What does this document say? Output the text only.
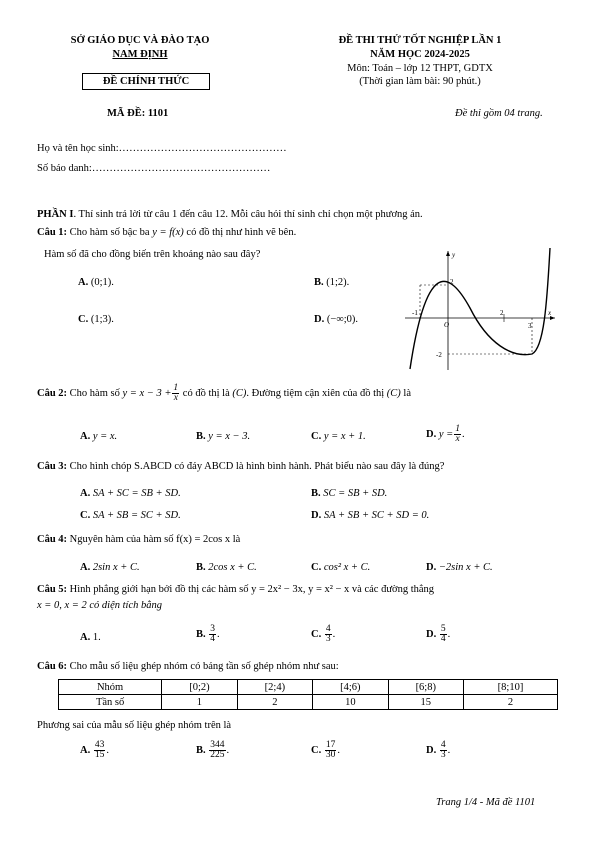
SỞ GIÁO DỤC VÀ ĐÀO TẠO
NAM ĐỊNH
ĐỀ CHÍNH THỨC
MÃ ĐỀ: 1101
ĐỀ THI THỬ TỐT NGHIỆP LẦN 1
NĂM HỌC 2024-2025
Môn: Toán – lớp 12 THPT, GDTX
(Thời gian làm bài: 90 phút.)
Đề thi gồm 04 trang.
Họ và tên học sinh:…………………………………………
Số báo danh:……………………………………………
PHẦN I. Thí sinh trả lời từ câu 1 đến câu 12. Mỗi câu hỏi thí sinh chỉ chọn một phương án.
Câu 1: Cho hàm số bậc ba y = f(x) có đồ thị như hình vẽ bên.
Hàm số đã cho đồng biến trên khoảng nào sau đây?
A. (0;1).	B. (1;2).
C. (1;3).	D. (−∞;0).
y
x
O
-1	2
3
2
-2
Câu 2: Cho hàm số $y = x - 3 + \frac{1}{x}$ có đồ thị là (C). Đường tiệm cận xiên của đồ thị (C) là
A. y = x.	B. y = x − 3.	C. y = x + 1.	D. $y = \frac{1}{x}$ .
Câu 3: Cho hình chóp S.ABCD có đáy ABCD là hình bình hành. Phát biểu nào sau đây là đúng?
A. SA + SC = SB + SD.	B. SC = SB + SD.
C. SA + SB = SC + SD.	D. SA + SB + SC + SD = 0.
Câu 4: Nguyên hàm của hàm số f(x) = 2cos x là
A. 2sin x + C.	B. 2cos x + C.	C. cos² x + C.	D. −2sin x + C.
Câu 5: Hình phẳng giới hạn bởi đồ thị các hàm số y = 2x² − 3x, y = x² − x và các đường thẳng
x = 0, x = 2 có diện tích bằng
A. 1.	B. $\frac{3}{4}$ .	C. $\frac{4}{3}$ .	D. $\frac{5}{4}$ .
Câu 6: Cho mẫu số liệu ghép nhóm có bảng tần số ghép nhóm như sau:
Nhóm	[0;2)	[2;4)	[4;6)	[6;8)	[8;10]
Tần số	1	2	10	15	2
Phương sai của mẫu số liệu ghép nhóm trên là
A. $\frac{43}{15}$ .	B. $\frac{344}{225}$ .	C. $\frac{17}{30}$ .	D. $\frac{4}{3}$ .
Trang 1/4 - Mã đề 1101
